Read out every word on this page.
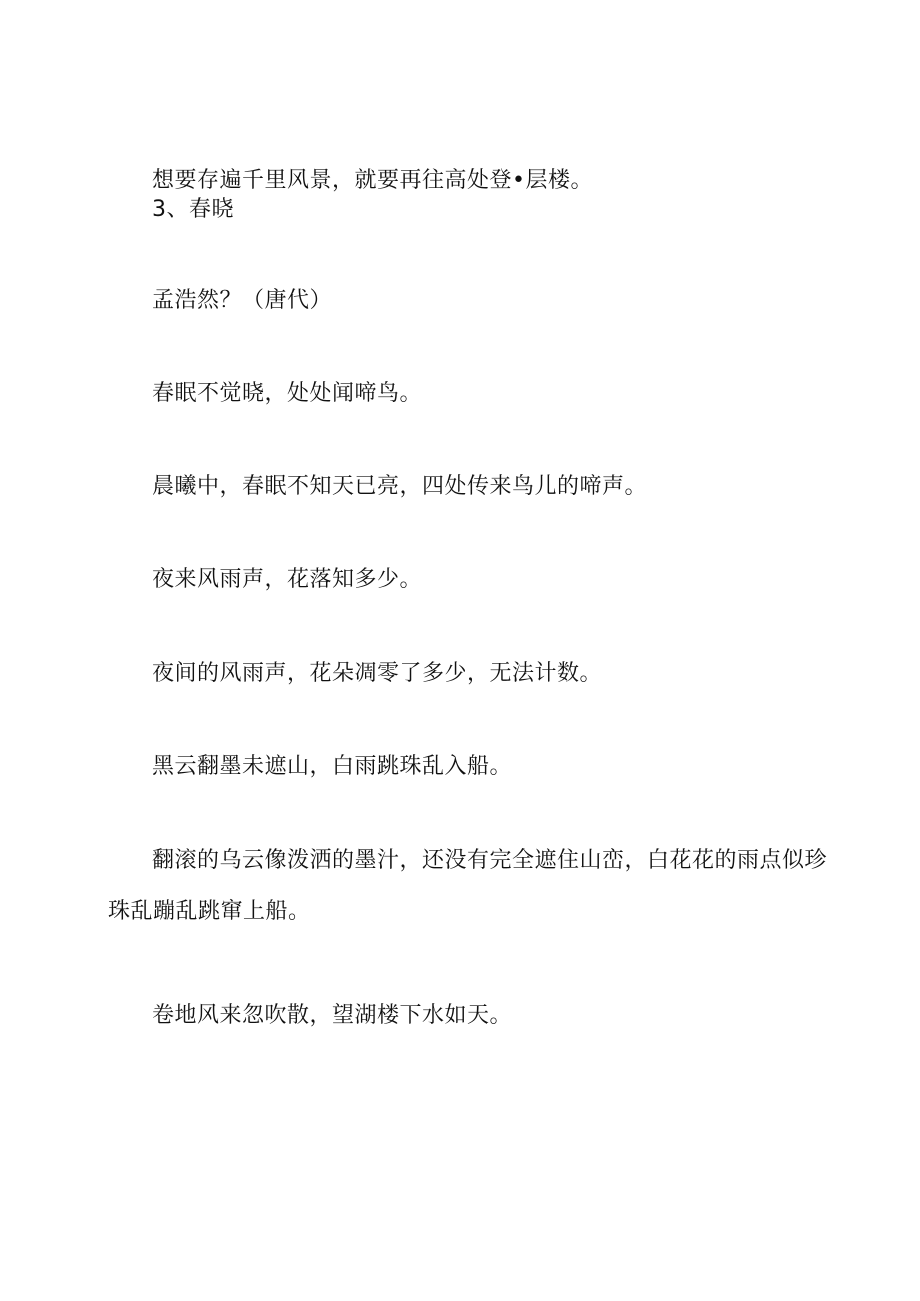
想要存遍千里风景，就要再往高处登•层楼。

3、春晓

孟浩然？（唐代）

春眠不觉晓，处处闻啼鸟。

晨曦中，春眠不知天已亮，四处传来鸟儿的啼声。

夜来风雨声，花落知多少。

夜间的风雨声，花朵凋零了多少，无法计数。

黑云翻墨未遮山，白雨跳珠乱入船。

翻滚的乌云像泼洒的墨汁，还没有完全遮住山峦，白花花的雨点似珍

珠乱蹦乱跳窜上船。

卷地风来忽吹散，望湖楼下水如天。
